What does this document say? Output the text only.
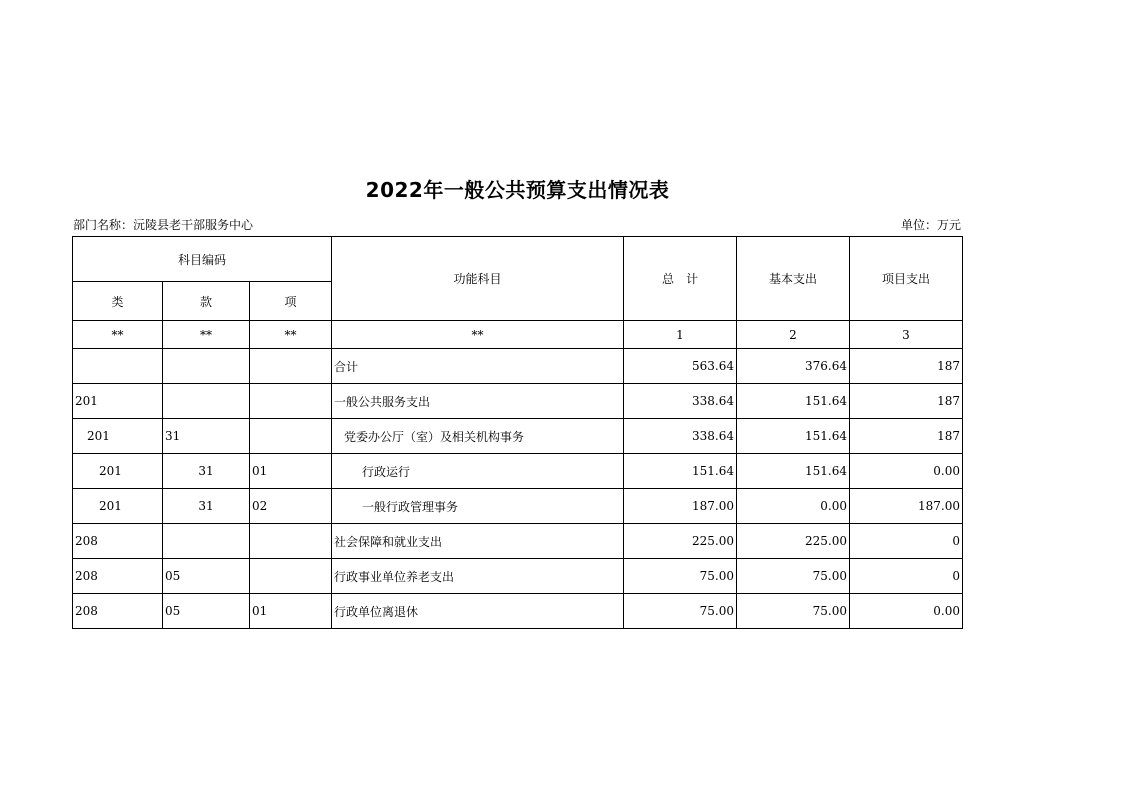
2022年一般公共预算支出情况表
部门名称：沅陵县老干部服务中心	单位：万元
科目编码			功能科目	总　计	基本支出	项目支出
类	款	项				
**	**	**	**	1	2	3
			合计	563.64	376.64	187
201			一般公共服务支出	338.64	151.64	187
201	31		党委办公厅（室）及相关机构事务	338.64	151.64	187
201	31	01	行政运行	151.64	151.64	0.00
201	31	02	一般行政管理事务	187.00	0.00	187.00
208			社会保障和就业支出	225.00	225.00	0
208	05		行政事业单位养老支出	75.00	75.00	0
208	05	01	行政单位离退休	75.00	75.00	0.00
